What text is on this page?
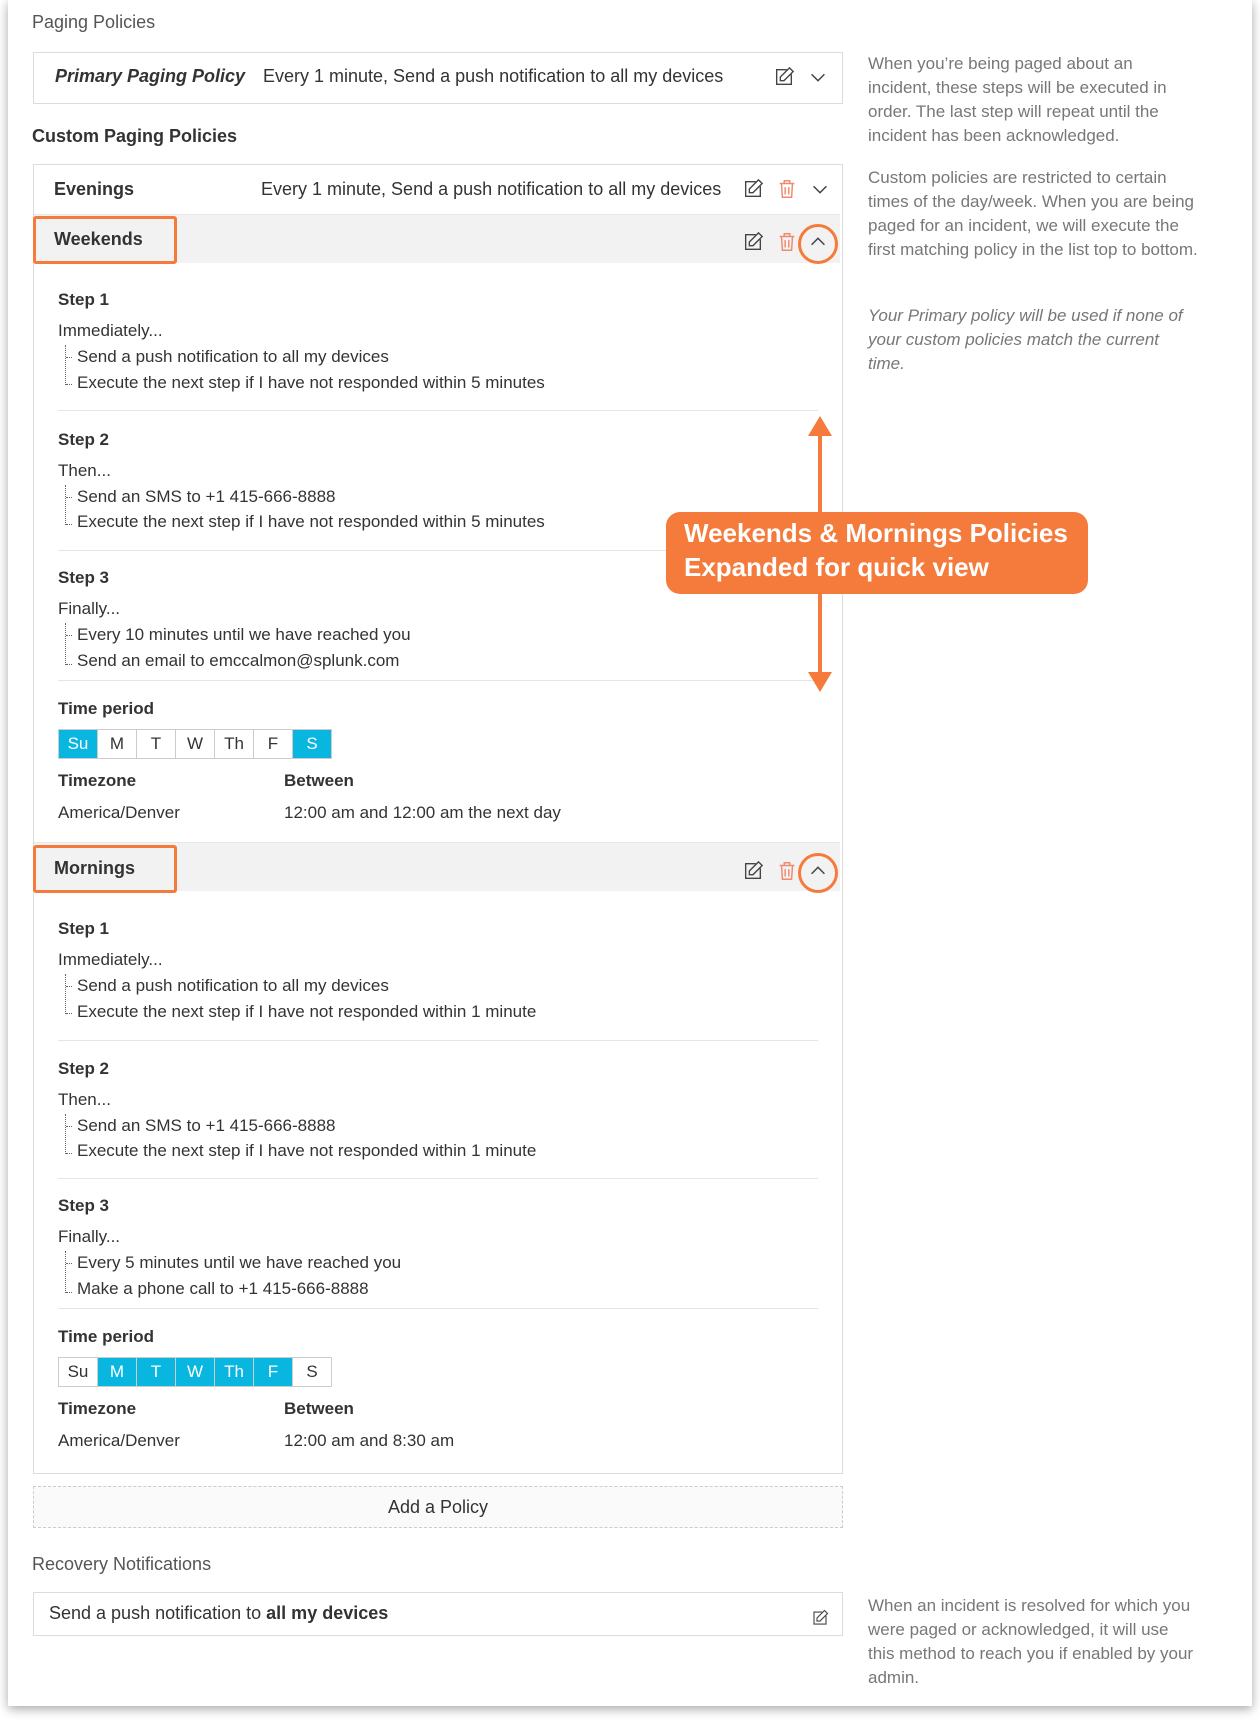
Paging Policies
Primary Paging Policy Every 1 minute, Send a push notification to all my devices
Custom Paging Policies
Evenings	Every 1 minute, Send a push notification to all my devices
Weekends
Step 1
Immediately...
Send a push notification to all my devices
Execute the next step if I have not responded within 5 minutes
Step 2
Then...
Send an SMS to +1 415-666-8888
Execute the next step if I have not responded within 5 minutes
Step 3
Finally...
Every 10 minutes until we have reached you
Send an email to emccalmon@splunk.com
Time period
Su	M	T	W	Th	F	S
Timezone	Between
America/Denver	12:00 am and 12:00 am the next day
Mornings
Step 1
Immediately...
Send a push notification to all my devices
Execute the next step if I have not responded within 1 minute
Step 2
Then...
Send an SMS to +1 415-666-8888
Execute the next step if I have not responded within 1 minute
Step 3
Finally...
Every 5 minutes until we have reached you
Make a phone call to +1 415-666-8888
Time period
Su	M	T	W	Th	F	S
Timezone	Between
America/Denver	12:00 am and 8:30 am
Add a Policy
Recovery Notifications
Send a push notification to all my devices
When you’re being paged about an incident, these steps will be executed in order. The last step will repeat until the incident has been acknowledged.
Custom policies are restricted to certain times of the day/week. When you are being paged for an incident, we will execute the first matching policy in the list top to bottom.
Your Primary policy will be used if none of your custom policies match the current time.
When an incident is resolved for which you were paged or acknowledged, it will use this method to reach you if enabled by your admin.
Weekends & Mornings Policies
Expanded for quick view
